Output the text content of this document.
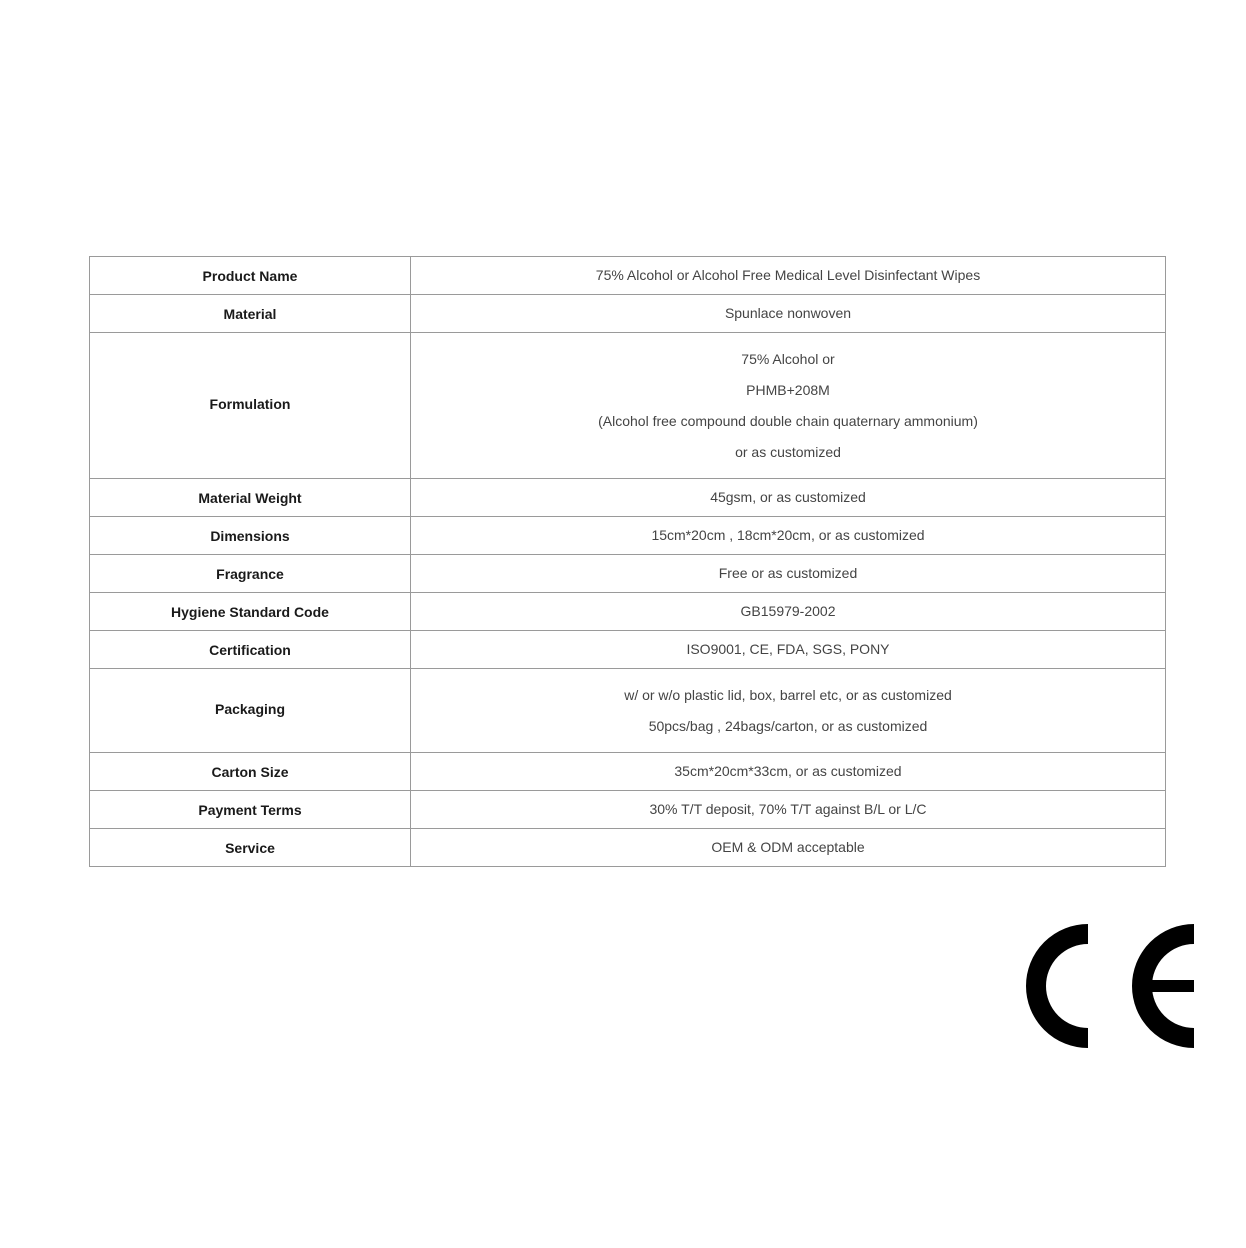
Product Name	75% Alcohol or Alcohol Free Medical Level Disinfectant Wipes

Material	Spunlace nonwoven

Formulation	75% Alcohol or
PHMB+208M
(Alcohol free compound double chain quaternary ammonium)
or as customized

Material Weight	45gsm, or as customized

Dimensions	15cm*20cm , 18cm*20cm, or as customized

Fragrance	Free or as customized

Hygiene Standard Code	GB15979-2002

Certification	ISO9001, CE, FDA, SGS, PONY

Packaging	w/ or w/o plastic lid, box, barrel etc, or as customized
50pcs/bag , 24bags/carton, or as customized

Carton Size	35cm*20cm*33cm, or as customized

Payment Terms	30% T/T deposit, 70% T/T against B/L or L/C

Service	OEM & ODM acceptable
